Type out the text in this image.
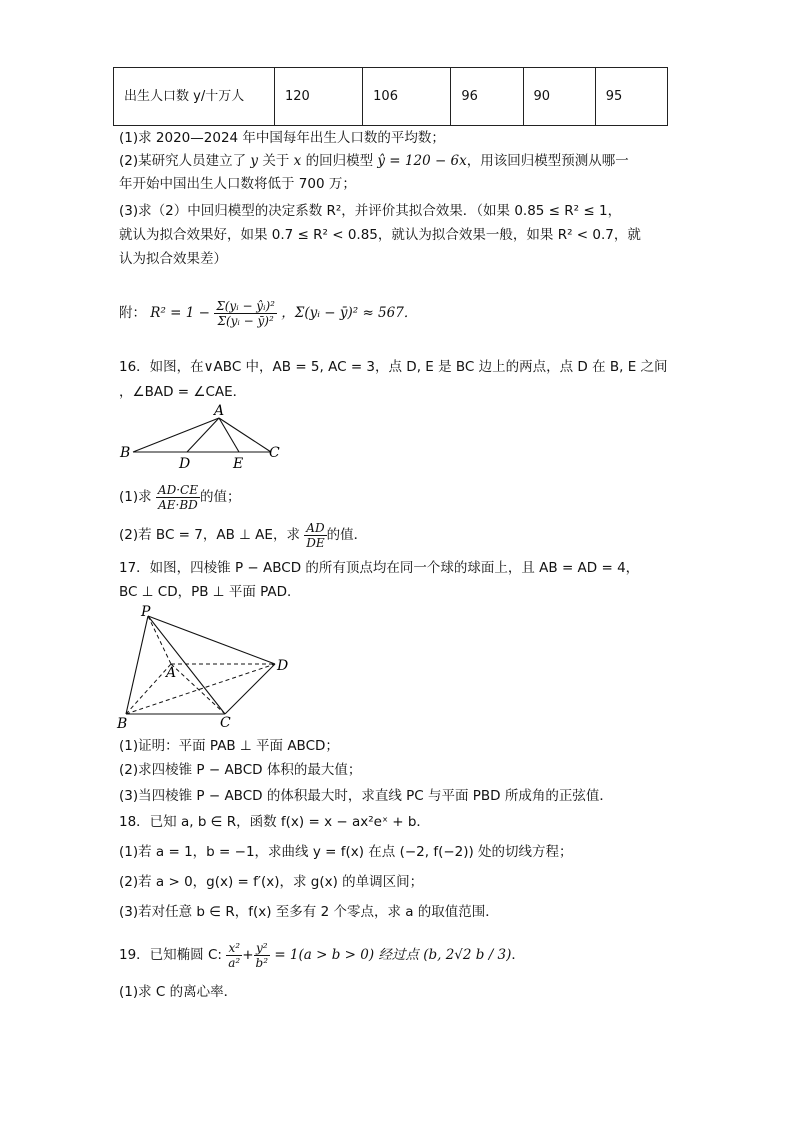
出生人口数 y/十万人	120	106	96	90	95
(1)求 2020—2024 年中国每年出生人口数的平均数；
(2)某研究人员建立了 y 关于 x 的回归模型 ŷ = 120 − 6x，用该回归模型预测从哪一
年开始中国出生人口数将低于 700 万；
(3)求（2）中回归模型的决定系数 R²，并评价其拟合效果．（如果 0.85 ≤ R² ≤ 1，
就认为拟合效果好，如果 0.7 ≤ R² < 0.85，就认为拟合效果一般，如果 R² < 0.7，就
认为拟合效果差）
附： $R^2 = 1 - \frac{\text{Σ(yᵢ − ŷᵢ)²}}{\text{Σ(yᵢ − ȳ)²}}$ ，Σ(yᵢ − ȳ)² ≈ 567．
16．如图，在∨ABC 中，AB = 5, AC = 3，点 D, E 是 BC 边上的两点，点 D 在 B, E 之间
，∠BAD = ∠CAE．
A
B	C
D	E
(1)求 $\frac{AD\cdot CE}{AE\cdot BD}$ 的值；
(2)若 BC = 7，AB ⊥ AE，求 $\frac{AD}{DE}$ 的值．
17．如图，四棱锥 P − ABCD 的所有顶点均在同一个球的球面上，且 AB = AD = 4，
BC ⊥ CD，PB ⊥ 平面 PAD．
P
A
B	C
D
(1)证明：平面 PAB ⊥ 平面 ABCD；
(2)求四棱锥 P − ABCD 体积的最大值；
(3)当四棱锥 P − ABCD 的体积最大时，求直线 PC 与平面 PBD 所成角的正弦值．
18．已知 a, b ∈ R，函数 f(x) = x − ax²eˣ + b．
(1)若 a = 1，b = −1，求曲线 y = f(x) 在点 (−2, f(−2)) 处的切线方程；
(2)若 a > 0，g(x) = f′(x)，求 g(x) 的单调区间；
(3)若对任意 b ∈ R，f(x) 至多有 2 个零点，求 a 的取值范围．
19．已知椭圆 C: $\frac{\text{x²}}{\text{a²}} + \frac{\text{y²}}{\text{b²}} = 1(a > b > 0)$ 经过点 (b, 2√2 b / 3)．
(1)求 C 的离心率．
